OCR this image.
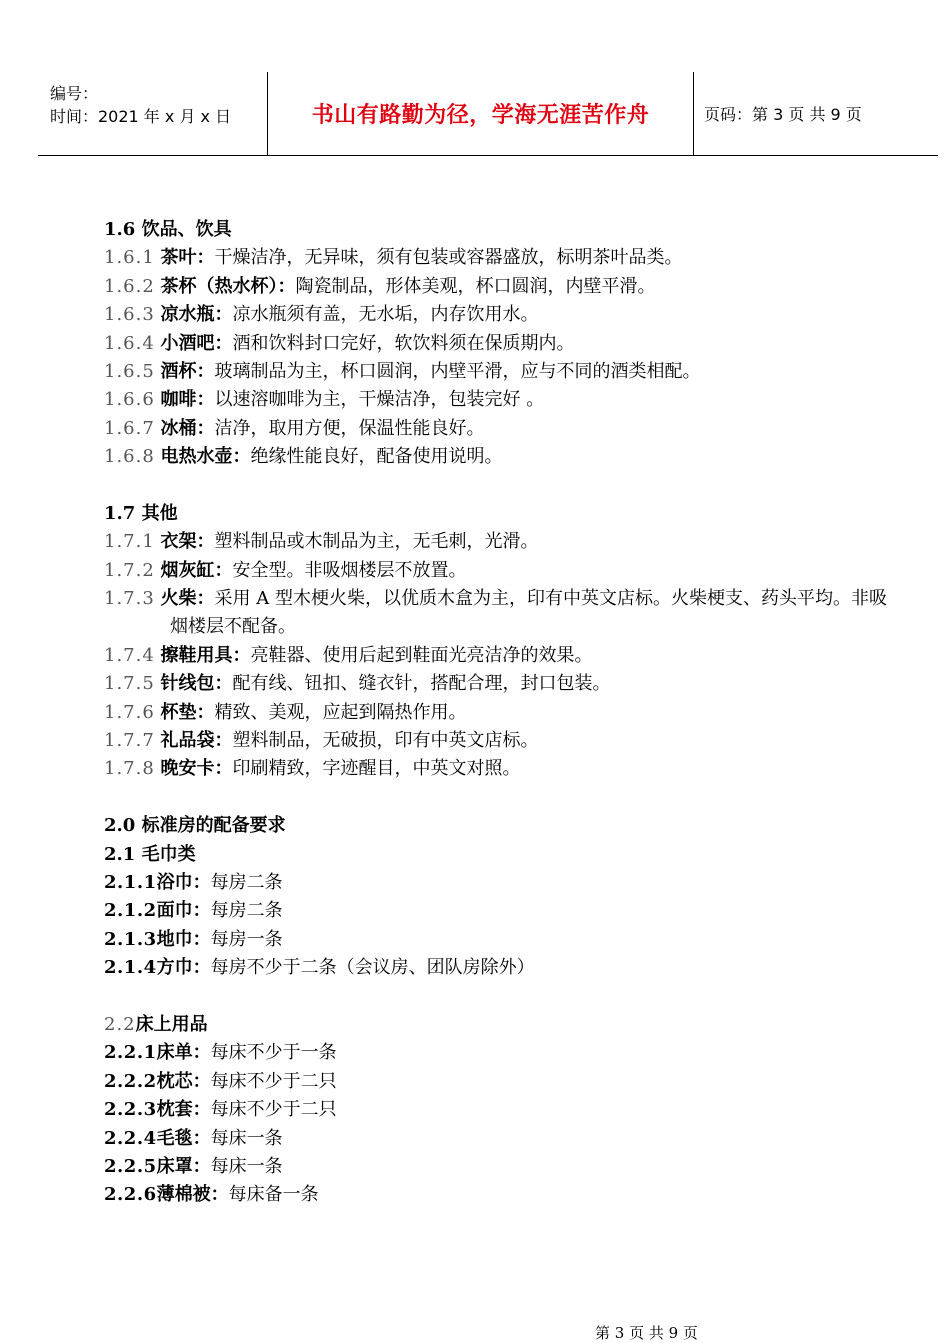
编号：
时间：2021 年 x 月 x 日	书山有路勤为径，学海无涯苦作舟	页码：第 3 页 共 9 页
1.6 饮品、饮具
1.6.1 茶叶：干燥洁净，无异味，须有包装或容器盛放，标明茶叶品类。
1.6.2 茶杯（热水杯）：陶瓷制品，形体美观，杯口圆润，内壁平滑。
1.6.3 凉水瓶：凉水瓶须有盖，无水垢，内存饮用水。
1.6.4 小酒吧：酒和饮料封口完好，软饮料须在保质期内。
1.6.5 酒杯：玻璃制品为主，杯口圆润，内壁平滑，应与不同的酒类相配。
1.6.6 咖啡：以速溶咖啡为主，干燥洁净，包装完好 。
1.6.7 冰桶：洁净，取用方便，保温性能良好。
1.6.8 电热水壶：绝缘性能良好，配备使用说明。
1.7 其他
1.7.1 衣架：塑料制品或木制品为主，无毛刺，光滑。
1.7.2 烟灰缸：安全型。非吸烟楼层不放置。
1.7.3 火柴：采用 A 型木梗火柴，以优质木盒为主，印有中英文店标。火柴梗支、药头平均。非吸烟楼层不配备。
1.7.4 擦鞋用具：亮鞋器、使用后起到鞋面光亮洁净的效果。
1.7.5 针线包：配有线、钮扣、缝衣针，搭配合理，封口包装。
1.7.6 杯垫：精致、美观，应起到隔热作用。
1.7.7 礼品袋：塑料制品，无破损，印有中英文店标。
1.7.8 晚安卡：印刷精致，字迹醒目，中英文对照。
2.0 标准房的配备要求
2.1 毛巾类
2.1.1浴巾：每房二条
2.1.2面巾：每房二条
2.1.3地巾：每房一条
2.1.4方巾：每房不少于二条（会议房、团队房除外）
2.2床上用品
2.2.1床单：每床不少于一条
2.2.2枕芯：每床不少于二只
2.2.3枕套：每床不少于二只
2.2.4毛毯：每床一条
2.2.5床罩：每床一条
2.2.6薄棉被：每床备一条
第 3 页 共 9 页
